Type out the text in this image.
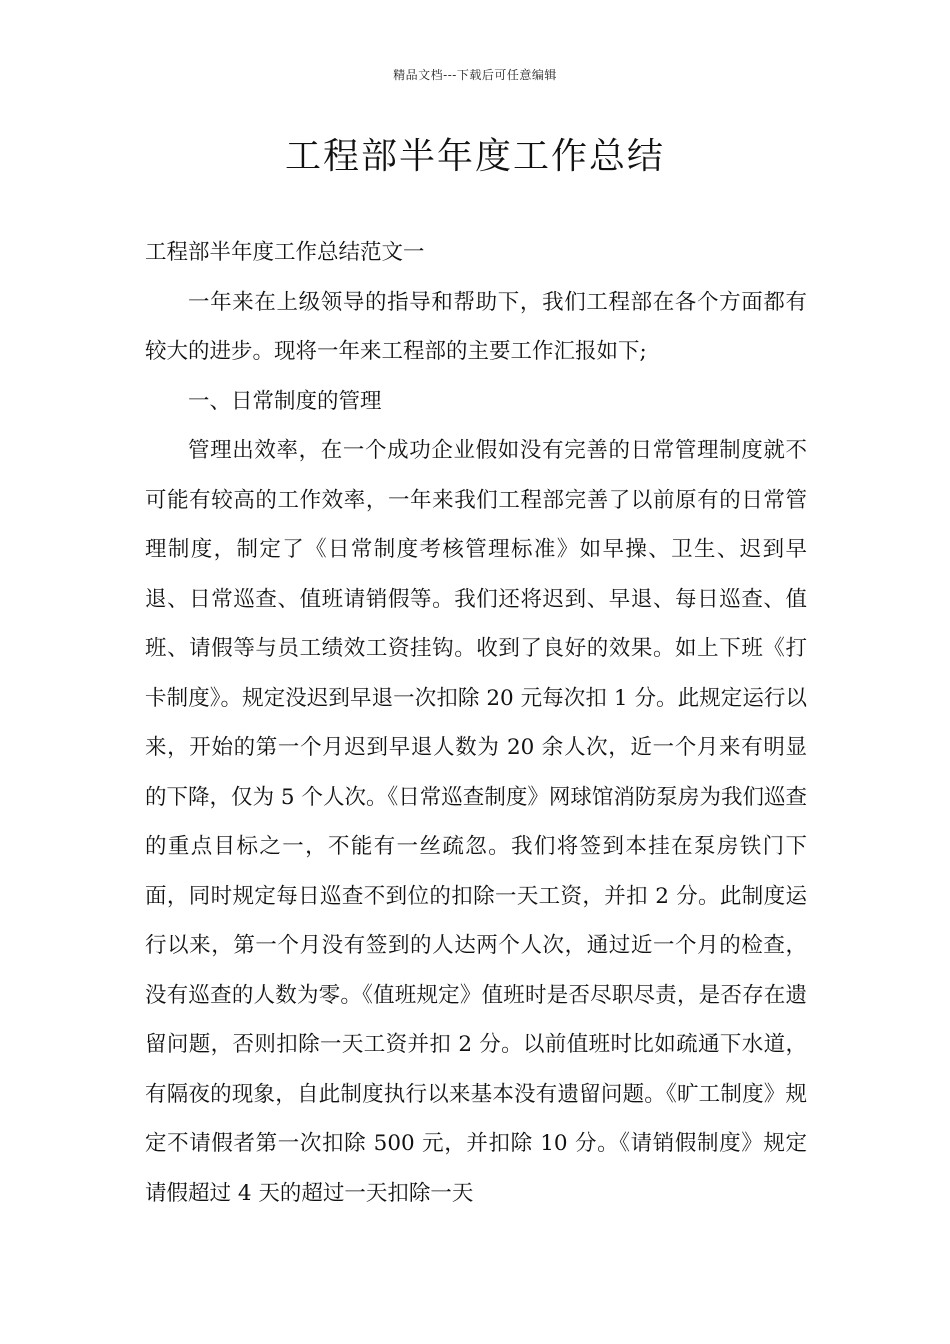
精品文档---下载后可任意编辑
工程部半年度工作总结

工程部半年度工作总结范文一

一年来在上级领导的指导和帮助下，我们工程部在各个方面都有较大的进步。现将一年来工程部的主要工作汇报如下;

一、日常制度的管理

管理出效率，在一个成功企业假如没有完善的日常管理制度就不可能有较高的工作效率，一年来我们工程部完善了以前原有的日常管理制度，制定了《日常制度考核管理标准》如早操、卫生、迟到早退、日常巡查、值班请销假等。我们还将迟到、早退、每日巡查、值班、请假等与员工绩效工资挂钩。收到了良好的效果。如上下班《打卡制度》。规定没迟到早退一次扣除 20 元每次扣 1 分。此规定运行以来，开始的第一个月迟到早退人数为 20 余人次，近一个月来有明显的下降，仅为 5 个人次。《日常巡查制度》网球馆消防泵房为我们巡查的重点目标之一，不能有一丝疏忽。我们将签到本挂在泵房铁门下面，同时规定每日巡查不到位的扣除一天工资，并扣 2 分。此制度运行以来，第一个月没有签到的人达两个人次，通过近一个月的检查，没有巡查的人数为零。《值班规定》值班时是否尽职尽责，是否存在遗留问题，否则扣除一天工资并扣 2 分。以前值班时比如疏通下水道，有隔夜的现象，自此制度执行以来基本没有遗留问题。《旷工制度》规定不请假者第一次扣除 500 元，并扣除 10 分。《请销假制度》规定请假超过 4 天的超过一天扣除一天
